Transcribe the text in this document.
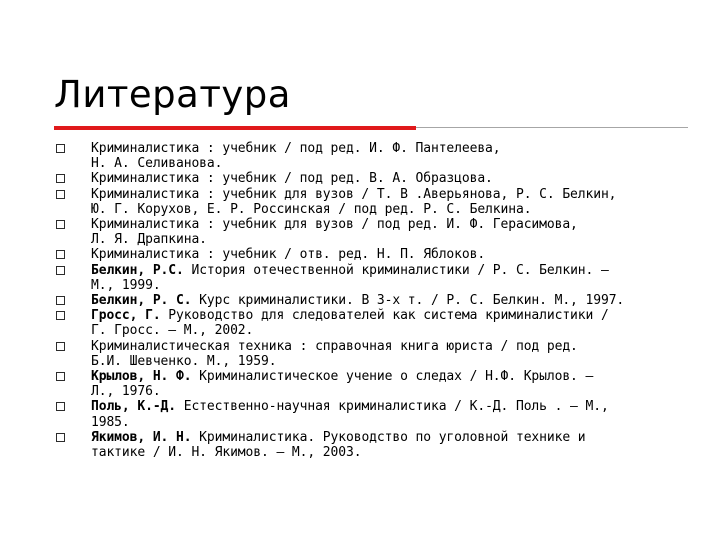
Литература
Криминалистика : учебник / под ред. И. Ф. Пантелеева,
Н. А. Селиванова.
Криминалистика : учебник / под ред. В. А. Образцова.
Криминалистика : учебник для вузов / Т. В .Аверьянова, Р. С. Белкин,
Ю. Г. Корухов, Е. Р. Россинская / под ред. Р. С. Белкина.
Криминалистика : учебник для вузов / под ред. И. Ф. Герасимова,
Л. Я. Драпкина.
Криминалистика : учебник / отв. ред. Н. П. Яблоков.
Белкин, Р.С. История отечественной криминалистики / Р. С. Белкин. –
М., 1999.
Белкин, Р. С. Курс криминалистики. В 3-х т. / Р. С. Белкин. М., 1997.
Гросс, Г. Руководство для следователей как система криминалистики /
Г. Гросс. – М., 2002.
Криминалистическая техника : справочная книга юриста / под ред.
Б.И. Шевченко. М., 1959.
Крылов, Н. Ф. Криминалистическое учение о следах / Н.Ф. Крылов. –
Л., 1976.
Поль, К.-Д. Естественно-научная криминалистика / К.-Д. Поль . – М.,
1985.
Якимов, И. Н. Криминалистика. Руководство по уголовной технике и
тактике / И. Н. Якимов. – М., 2003.
